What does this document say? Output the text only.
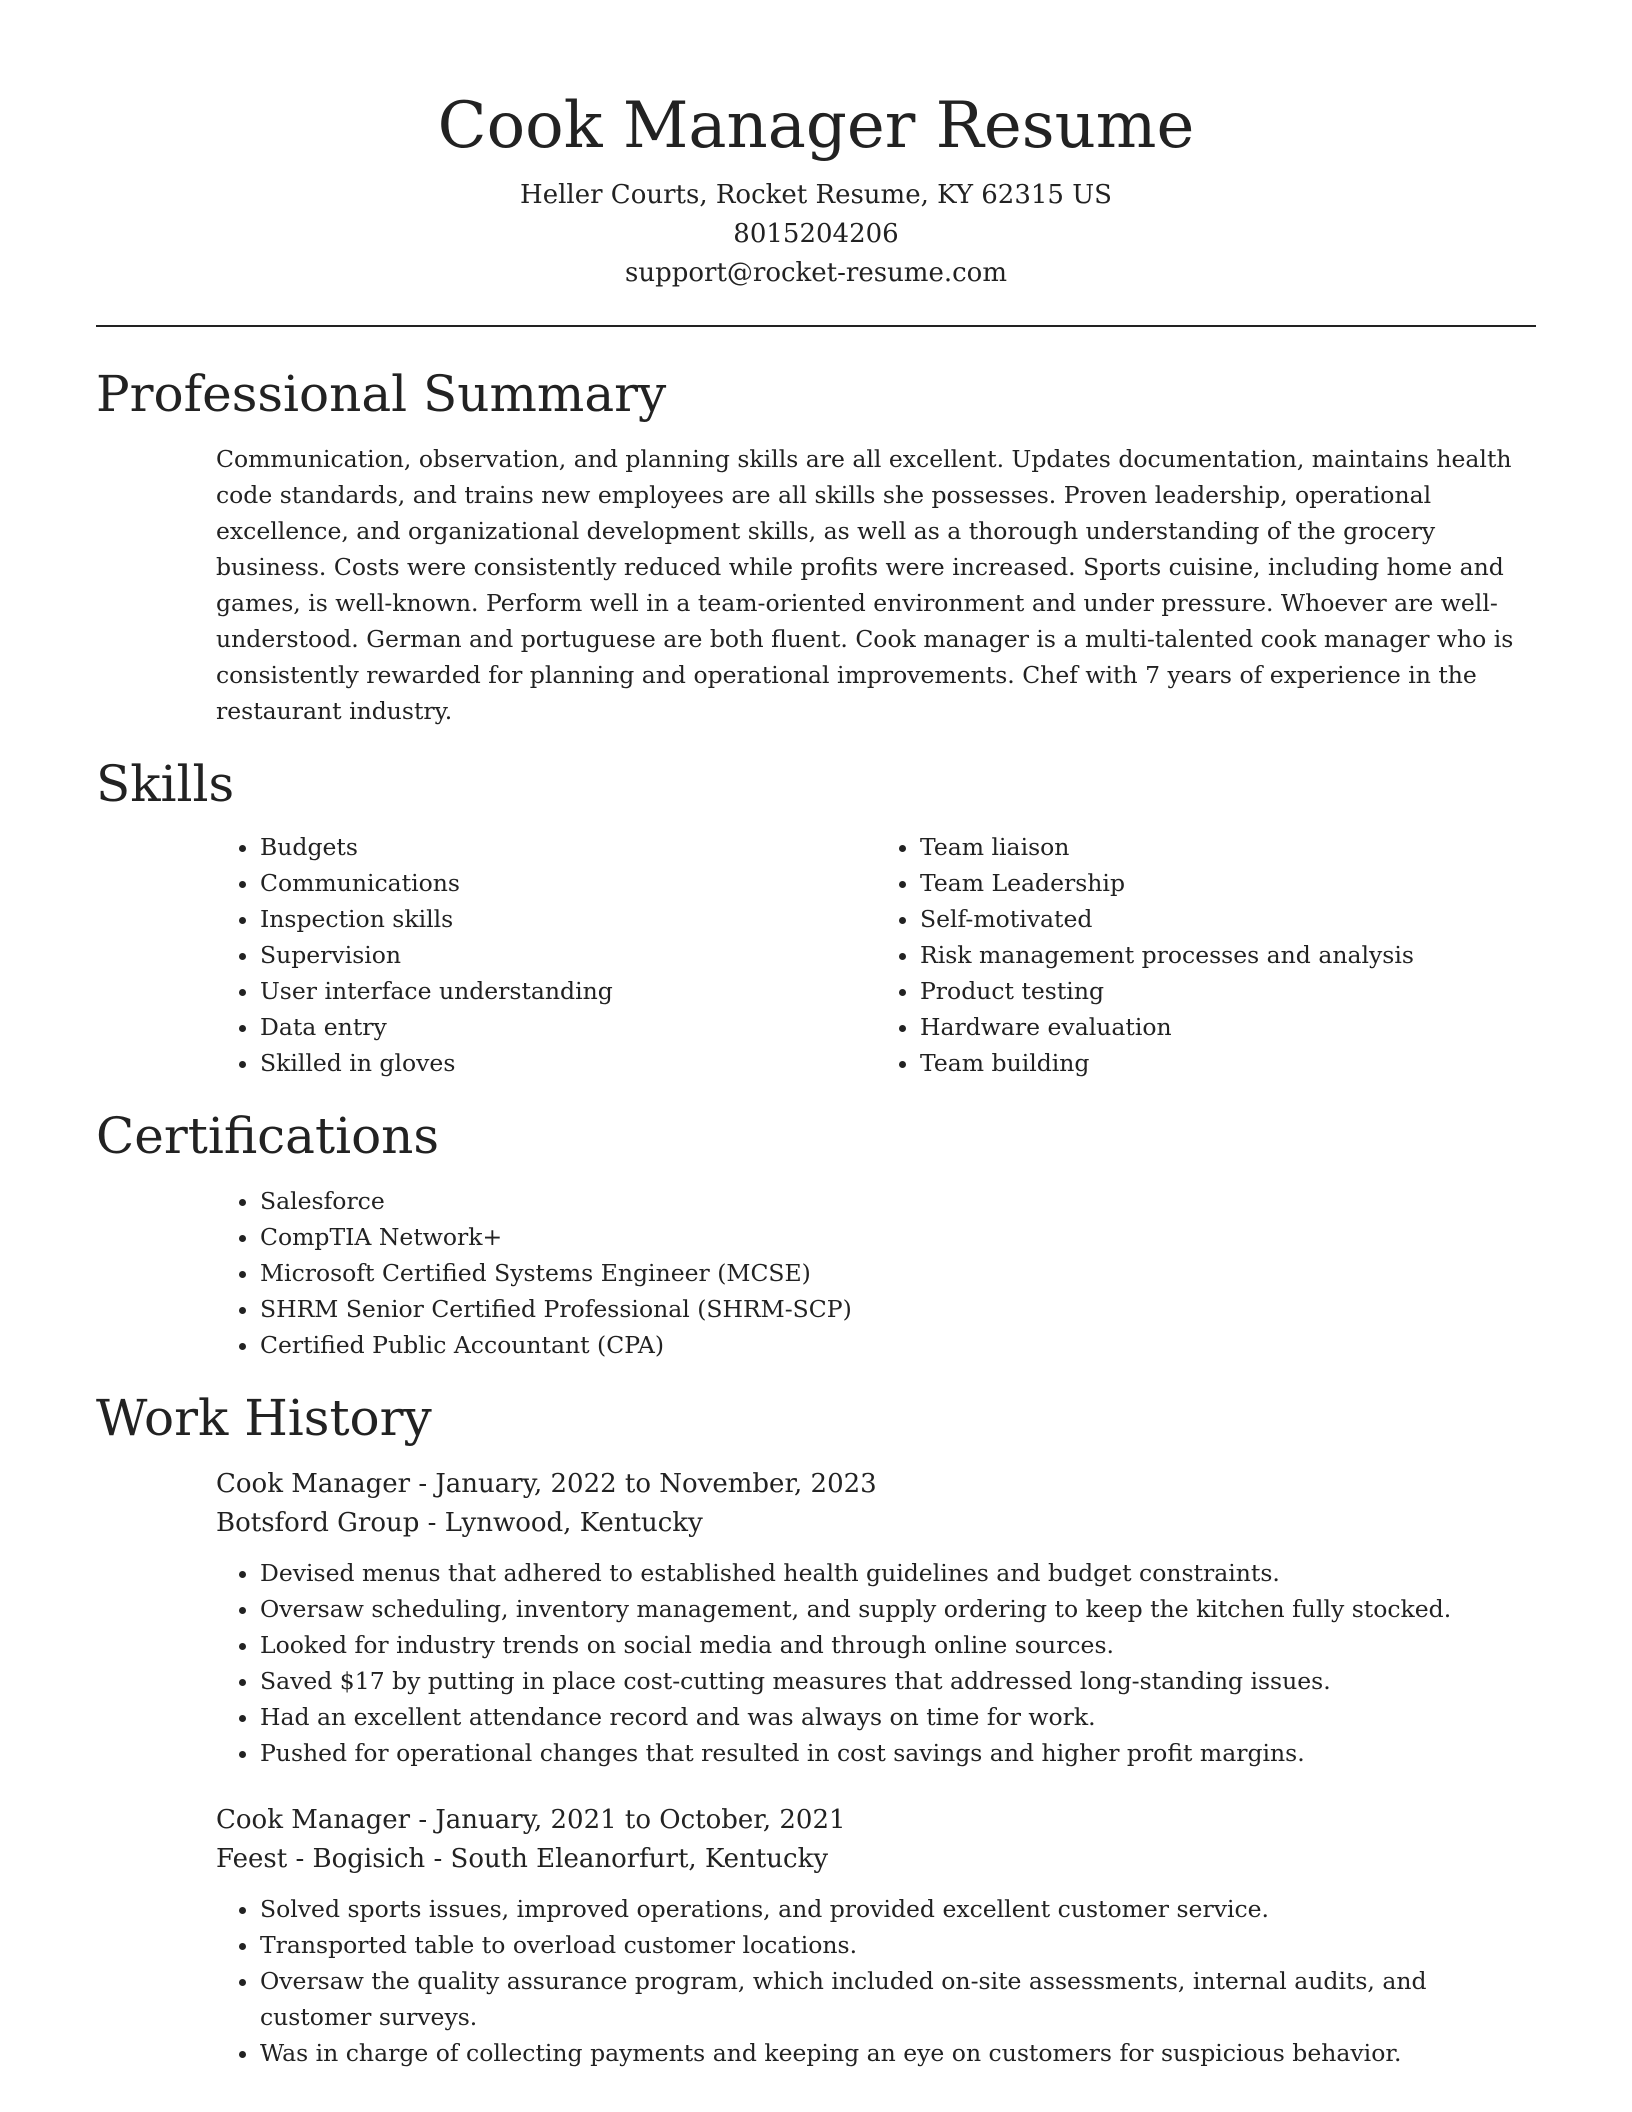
Cook Manager Resume
Heller Courts, Rocket Resume, KY 62315 US
8015204206
support@rocket-resume.com
Professional Summary

Communication, observation, and planning skills are all excellent. Updates documentation, maintains health code standards, and trains new employees are all skills she possesses. Proven leadership, operational excellence, and organizational development skills, as well as a thorough understanding of the grocery business. Costs were consistently reduced while profits were increased. Sports cuisine, including home and games, is well-known. Perform well in a team-oriented environment and under pressure. Whoever are well-understood. German and portuguese are both fluent. Cook manager is a multi-talented cook manager who is consistently rewarded for planning and operational improvements. Chef with 7 years of experience in the restaurant industry.

Skills
• Budgets
• Communications
• Inspection skills
• Supervision
• User interface understanding
• Data entry
• Skilled in gloves
• Team liaison
• Team Leadership
• Self-motivated
• Risk management processes and analysis
• Product testing
• Hardware evaluation
• Team building
Certifications
• Salesforce
• CompTIA Network+
• Microsoft Certified Systems Engineer (MCSE)
• SHRM Senior Certified Professional (SHRM-SCP)
• Certified Public Accountant (CPA)
Work History
Cook Manager - January, 2022 to November, 2023
Botsford Group - Lynwood, Kentucky
• Devised menus that adhered to established health guidelines and budget constraints.
• Oversaw scheduling, inventory management, and supply ordering to keep the kitchen fully stocked.
• Looked for industry trends on social media and through online sources.
• Saved $17 by putting in place cost-cutting measures that addressed long-standing issues.
• Had an excellent attendance record and was always on time for work.
• Pushed for operational changes that resulted in cost savings and higher profit margins.
Cook Manager - January, 2021 to October, 2021
Feest - Bogisich - South Eleanorfurt, Kentucky
• Solved sports issues, improved operations, and provided excellent customer service.
• Transported table to overload customer locations.
• Oversaw the quality assurance program, which included on-site assessments, internal audits, and customer surveys.
• Was in charge of collecting payments and keeping an eye on customers for suspicious behavior.
